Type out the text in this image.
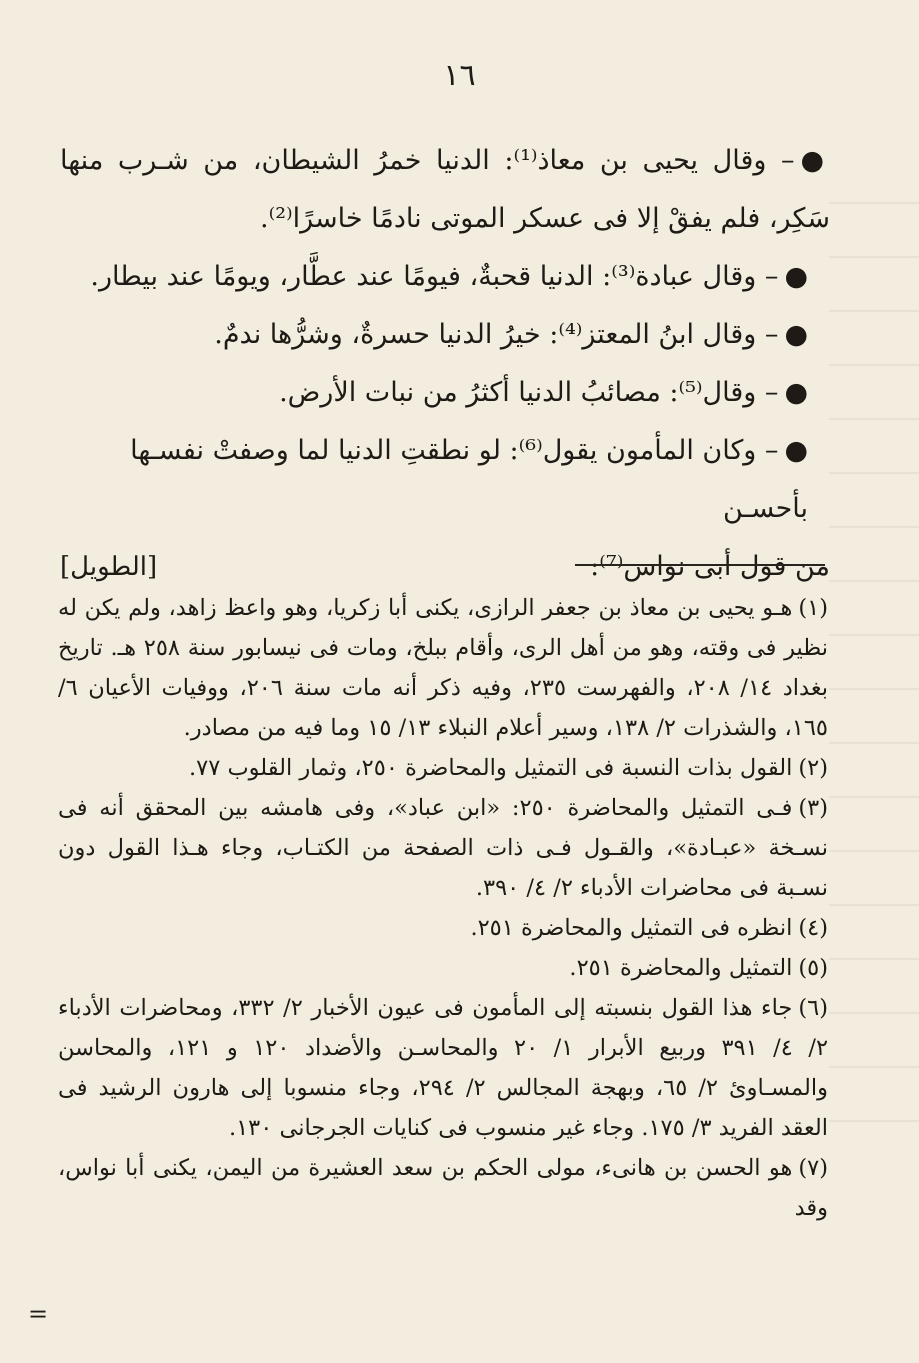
١٦

●– وقال يحيى بن معاذ⁽¹⁾: الدنيا خمرُ الشيطان، من شـرب منها سَكِر، فلم يفقْ إلا فى عسكر الموتى نادمًا خاسرًا⁽²⁾.

●– وقال عبادة⁽³⁾: الدنيا قحبةٌ، فيومًا عند عطَّار، ويومًا عند بيطار.

●– وقال ابنُ المعتز⁽⁴⁾: خيرُ الدنيا حسرةٌ، وشرُّها ندمٌ.

●– وقال⁽⁵⁾: مصائبُ الدنيا أكثرُ من نبات الأرض.

●– وكان المأمون يقول⁽⁶⁾: لو نطقتِ الدنيا لما وصفتْ نفسـها بأحسـن

من قول أبى نواس⁽⁷⁾:
[الطويل]

(١)هـو يحيى بن معاذ بن جعفر الرازى، يكنى أبا زكريا، وهو واعظ زاهد، ولم يكن له نظير فى وقته، وهو من أهل الرى، وأقام ببلخ، ومات فى نيسابور سنة ٢٥٨ هـ. تاريخ بغداد ١٤/ ٢٠٨، والفهرست ٢٣٥، وفيه ذكر أنه مات سنة ٢٠٦، ووفيات الأعيان ٦/ ١٦٥، والشذرات ٢/ ١٣٨، وسير أعلام النبلاء ١٣/ ١٥ وما فيه من مصادر.

(٢)القول بذات النسبة فى التمثيل والمحاضرة ٢٥٠، وثمار القلوب ٧٧.

(٣)فـى التمثيل والمحاضرة ٢٥٠: «ابن عباد»، وفى هامشه بين المحقق أنه فى نسـخة «عبـادة»، والقـول فـى ذات الصفحة من الكتـاب، وجاء هـذا القول دون نسـبة فى محاضرات الأدباء ٢/ ٤/ ٣٩٠.

(٤)انظره فى التمثيل والمحاضرة ٢٥١.

(٥)التمثيل والمحاضرة ٢٥١.

(٦)جاء هذا القول بنسبته إلى المأمون فى عيون الأخبار ٢/ ٣٣٢، ومحاضرات الأدباء ٢/ ٤/ ٣٩١ وربيع الأبرار ١/ ٢٠ والمحاسـن والأضداد ١٢٠ و ١٢١، والمحاسن والمسـاوئ ٢/ ٦٥، وبهجة المجالس ٢/ ٢٩٤، وجاء منسوبا إلى هارون الرشيد فى العقد الفريد ٣/ ١٧٥. وجاء غير منسوب فى كنايات الجرجانى ١٣٠.

(٧)هو الحسن بن هانىء، مولى الحكم بن سعد العشيرة من اليمن، يكنى أبا نواس، وقد

=
